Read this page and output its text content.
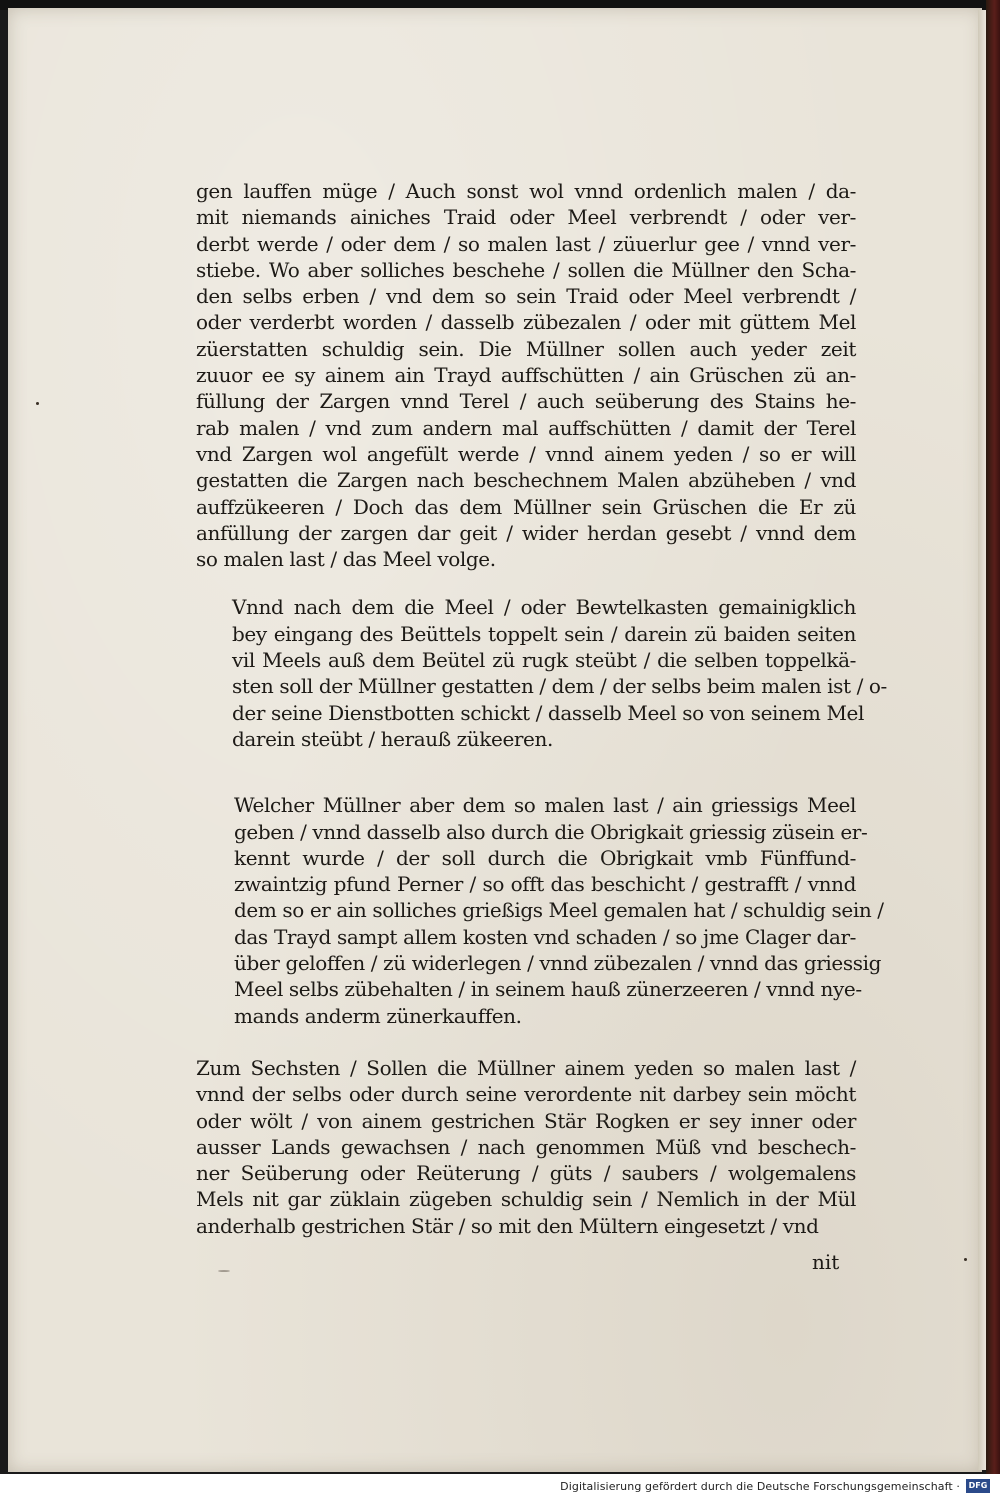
gen lauffen müge / Auch sonst wol vnnd ordenlich malen / da-
mit niemands ainiches Traid oder Meel verbrendt / oder ver-
derbt werde / oder dem / so malen last / züuerlur gee / vnnd ver-
stiebe. Wo aber solliches beschehe / sollen die Müllner den Scha-
den selbs erben / vnd dem so sein Traid oder Meel verbrendt /
oder verderbt worden / dasselb zübezalen / oder mit güttem Mel
züerstatten schuldig sein. Die Müllner sollen auch yeder zeit
zuuor ee sy ainem ain Trayd auffschütten / ain Grüschen zü an-
füllung der Zargen vnnd Terel / auch seüberung des Stains he-
rab malen / vnd zum andern mal auffschütten / damit der Terel
vnd Zargen wol angefült werde / vnnd ainem yeden / so er will
gestatten die Zargen nach beschechnem Malen abzüheben / vnd
auffzükeeren / Doch das dem Müllner sein Grüschen die Er zü
anfüllung der zargen dar geit / wider herdan gesebt / vnnd dem
so malen last / das Meel volge.
Vnnd nach dem die Meel / oder Bewtelkasten gemainigklich
bey eingang des Beüttels toppelt sein / darein zü baiden seiten
vil Meels auß dem Beütel zü rugk steübt / die selben toppelkä-
sten soll der Müllner gestatten / dem / der selbs beim malen ist / o-
der seine Dienstbotten schickt / dasselb Meel so von seinem Mel
darein steübt / herauß zükeeren.
Welcher Müllner aber dem so malen last / ain griessigs Meel
geben / vnnd dasselb also durch die Obrigkait griessig züsein er-
kennt wurde / der soll durch die Obrigkait vmb Fünffund-
zwaintzig pfund Perner / so offt das beschicht / gestrafft / vnnd
dem so er ain solliches grießigs Meel gemalen hat / schuldig sein /
das Trayd sampt allem kosten vnd schaden / so jme Clager dar-
über geloffen / zü widerlegen / vnnd zübezalen / vnnd das griessig
Meel selbs zübehalten / in seinem hauß zünerzeeren / vnnd nye-
mands anderm zünerkauffen.
Zum Sechsten / Sollen die Müllner ainem yeden so malen last /
vnnd der selbs oder durch seine verordente nit darbey sein möcht
oder wölt / von ainem gestrichen Stär Rogken er sey inner oder
ausser Lands gewachsen / nach genommen Müß vnd beschech-
ner Seüberung oder Reüterung / güts / saubers / wolgemalens
Mels nit gar züklain zügeben schuldig sein / Nemlich in der Mül
anderhalb gestrichen Stär / so mit den Mültern eingesetzt / vnd
nit
Digitalisierung gefördert durch die Deutsche Forschungsgemeinschaft ·	DFG
